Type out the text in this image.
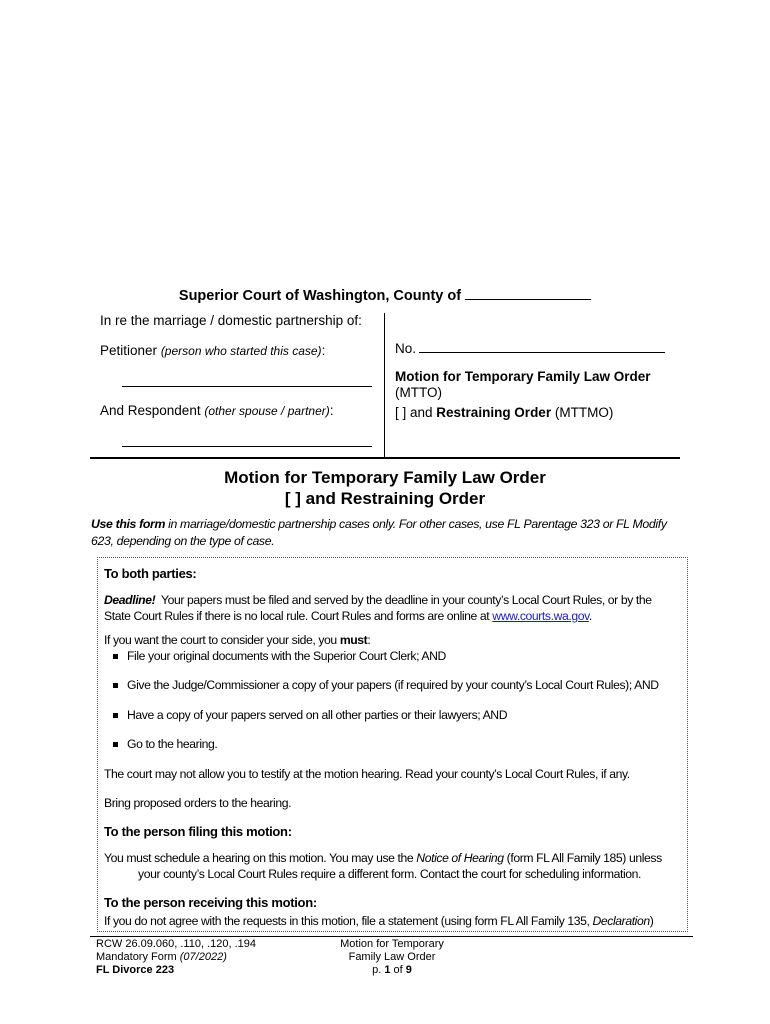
Superior Court of Washington, County of
In re the marriage / domestic partnership of:
Petitioner (person who started this case):
And Respondent (other spouse / partner):
No.
Motion for Temporary Family Law Order
(MTTO)
[ ] and Restraining Order (MTTMO)
Motion for Temporary Family Law Order
[ ] and Restraining Order
Use this form in marriage/domestic partnership cases only. For other cases, use FL Parentage 323 or FL Modify 623, depending on the type of case.
To both parties:
Deadline! Your papers must be filed and served by the deadline in your county’s Local Court Rules, or by the State Court Rules if there is no local rule. Court Rules and forms are online at www.courts.wa.gov.
If you want the court to consider your side, you must:
File your original documents with the Superior Court Clerk; AND
Give the Judge/Commissioner a copy of your papers (if required by your county’s Local Court Rules); AND
Have a copy of your papers served on all other parties or their lawyers; AND
Go to the hearing.
The court may not allow you to testify at the motion hearing. Read your county’s Local Court Rules, if any.
Bring proposed orders to the hearing.
To the person filing this motion:
You must schedule a hearing on this motion. You may use the Notice of Hearing (form FL All Family 185) unless
your county’s Local Court Rules require a different form. Contact the court for scheduling information.
To the person receiving this motion:
If you do not agree with the requests in this motion, file a statement (using form FL All Family 135, Declaration)
RCW 26.09.060, .110, .120, .194
Mandatory Form (07/2022)
FL Divorce 223
Motion for Temporary
Family Law Order
p. 1 of 9
